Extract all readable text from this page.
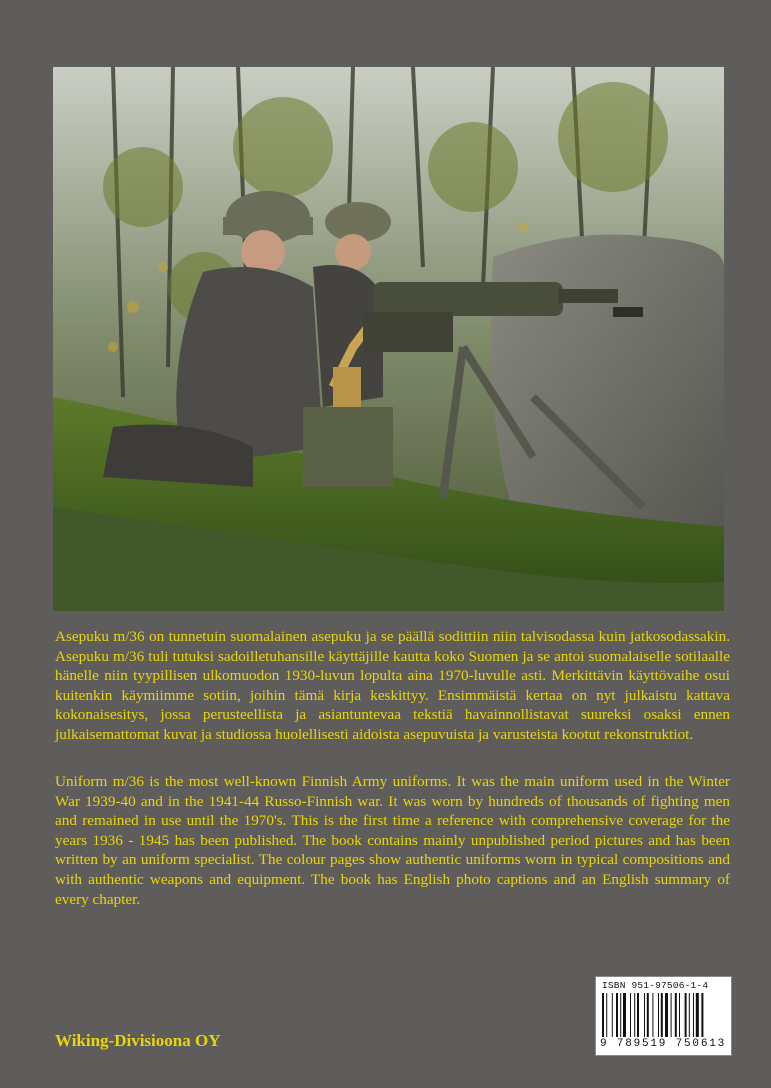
Asepuku m/36 on tunnetuin suomalainen asepuku ja se päällä sodittiin niin talvisodassa kuin jatkosodassakin. Asepuku m/36 tuli tutuksi sadoilletuhansille käyttäjille kautta koko Suomen ja se antoi suomalaiselle sotilaalle hänelle niin tyypillisen ulkomuodon 1930-luvun lopulta aina 1970-luvulle asti. Merkittävin käyttövaihe osui kuitenkin käymiimme sotiin, joihin tämä kirja keskittyy. Ensimmäistä kertaa on nyt julkaistu kattava kokonaisesitys, jossa perusteellista ja asiantuntevaa tekstiä havainnollistavat suureksi osaksi ennen julkaisemattomat kuvat ja studiossa huolellisesti aidoista asepuvuista ja varusteista kootut rekonstruktiot.

Uniform m/36 is the most well-known Finnish Army uniforms. It was the main uniform used in the Winter War 1939-40 and in the 1941-44 Russo-Finnish war. It was worn by hundreds of thousands of fighting men and remained in use until the 1970's. This is the first time a reference with comprehensive coverage for the years 1936 - 1945 has been published. The book contains mainly unpublished period pictures and has been written by an uniform specialist. The colour pages show authentic uniforms worn in typical compositions and with authentic weapons and equipment. The book has English photo captions and an English summary of every chapter.

Wiking-Divisioona OY
ISBN 951-97506-1-4
9 789519 750613
